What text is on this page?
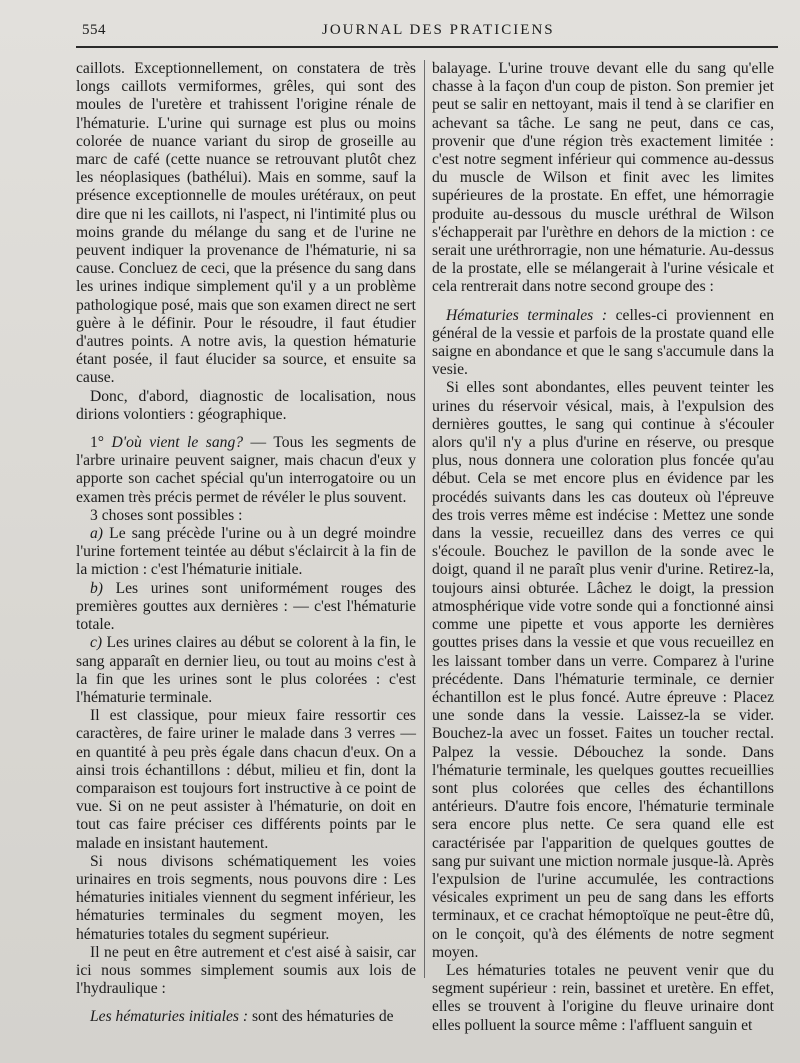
554	JOURNAL DES PRATICIENS

caillots. Exceptionnellement, on constatera de très longs caillots vermiformes, grêles, qui sont des moules de l'uretère et trahissent l'origine rénale de l'hématurie. L'urine qui surnage est plus ou moins colorée de nuance variant du sirop de groseille au marc de café (cette nuance se retrouvant plutôt chez les néoplasiques (bathélui). Mais en somme, sauf la présence exceptionnelle de moules urétéraux, on peut dire que ni les caillots, ni l'aspect, ni l'intimité plus ou moins grande du mélange du sang et de l'urine ne peuvent indiquer la provenance de l'hématurie, ni sa cause. Concluez de ceci, que la présence du sang dans les urines indique simplement qu'il y a un problème pathologique posé, mais que son examen direct ne sert guère à le définir. Pour le résoudre, il faut étudier d'autres points. A notre avis, la question hématurie étant posée, il faut élucider sa source, et ensuite sa cause.

Donc, d'abord, diagnostic de localisation, nous dirions volontiers : géographique.

1° D'où vient le sang? — Tous les segments de l'arbre urinaire peuvent saigner, mais chacun d'eux y apporte son cachet spécial qu'un interrogatoire ou un examen très précis permet de révéler le plus souvent.

3 choses sont possibles :

a) Le sang précède l'urine ou à un degré moindre l'urine fortement teintée au début s'éclaircit à la fin de la miction : c'est l'hématurie initiale.

b) Les urines sont uniformément rouges des premières gouttes aux dernières : — c'est l'hématurie totale.

c) Les urines claires au début se colorent à la fin, le sang apparaît en dernier lieu, ou tout au moins c'est à la fin que les urines sont le plus colorées : c'est l'hématurie terminale.

Il est classique, pour mieux faire ressortir ces caractères, de faire uriner le malade dans 3 verres — en quantité à peu près égale dans chacun d'eux. On a ainsi trois échantillons : début, milieu et fin, dont la comparaison est toujours fort instructive à ce point de vue. Si on ne peut assister à l'hématurie, on doit en tout cas faire préciser ces différents points par le malade en insistant hautement.

Si nous divisons schématiquement les voies urinaires en trois segments, nous pouvons dire : Les hématuries initiales viennent du segment inférieur, les hématuries terminales du segment moyen, les hématuries totales du segment supérieur.

Il ne peut en être autrement et c'est aisé à saisir, car ici nous sommes simplement soumis aux lois de l'hydraulique :

Les hématuries initiales : sont des hématuries de

balayage. L'urine trouve devant elle du sang qu'elle chasse à la façon d'un coup de piston. Son premier jet peut se salir en nettoyant, mais il tend à se clarifier en achevant sa tâche. Le sang ne peut, dans ce cas, provenir que d'une région très exactement limitée : c'est notre segment inférieur qui commence au-dessus du muscle de Wilson et finit avec les limites supérieures de la prostate. En effet, une hémorragie produite au-dessous du muscle uréthral de Wilson s'échapperait par l'urèthre en dehors de la miction : ce serait une uréthrorragie, non une hématurie. Au-dessus de la prostate, elle se mélangerait à l'urine vésicale et cela rentrerait dans notre second groupe des :

Hématuries terminales : celles-ci proviennent en général de la vessie et parfois de la prostate quand elle saigne en abondance et que le sang s'accumule dans la vesie.

Si elles sont abondantes, elles peuvent teinter les urines du réservoir vésical, mais, à l'expulsion des dernières gouttes, le sang qui continue à s'écouler alors qu'il n'y a plus d'urine en réserve, ou presque plus, nous donnera une coloration plus foncée qu'au début. Cela se met encore plus en évidence par les procédés suivants dans les cas douteux où l'épreuve des trois verres même est indécise : Mettez une sonde dans la vessie, recueillez dans des verres ce qui s'écoule. Bouchez le pavillon de la sonde avec le doigt, quand il ne paraît plus venir d'urine. Retirez-la, toujours ainsi obturée. Lâchez le doigt, la pression atmosphérique vide votre sonde qui a fonctionné ainsi comme une pipette et vous apporte les dernières gouttes prises dans la vessie et que vous recueillez en les laissant tomber dans un verre. Comparez à l'urine précédente. Dans l'hématurie terminale, ce dernier échantillon est le plus foncé. Autre épreuve : Placez une sonde dans la vessie. Laissez-la se vider. Bouchez-la avec un fosset. Faites un toucher rectal. Palpez la vessie. Débouchez la sonde. Dans l'hématurie terminale, les quelques gouttes recueillies sont plus colorées que celles des échantillons antérieurs. D'autre fois encore, l'hématurie terminale sera encore plus nette. Ce sera quand elle est caractérisée par l'apparition de quelques gouttes de sang pur suivant une miction normale jusque-là. Après l'expulsion de l'urine accumulée, les contractions vésicales expriment un peu de sang dans les efforts terminaux, et ce crachat hémoptoïque ne peut-être dû, on le conçoit, qu'à des éléments de notre segment moyen.

Les hématuries totales ne peuvent venir que du segment supérieur : rein, bassinet et uretère. En effet, elles se trouvent à l'origine du fleuve urinaire dont elles polluent la source même : l'affluent sanguin et
